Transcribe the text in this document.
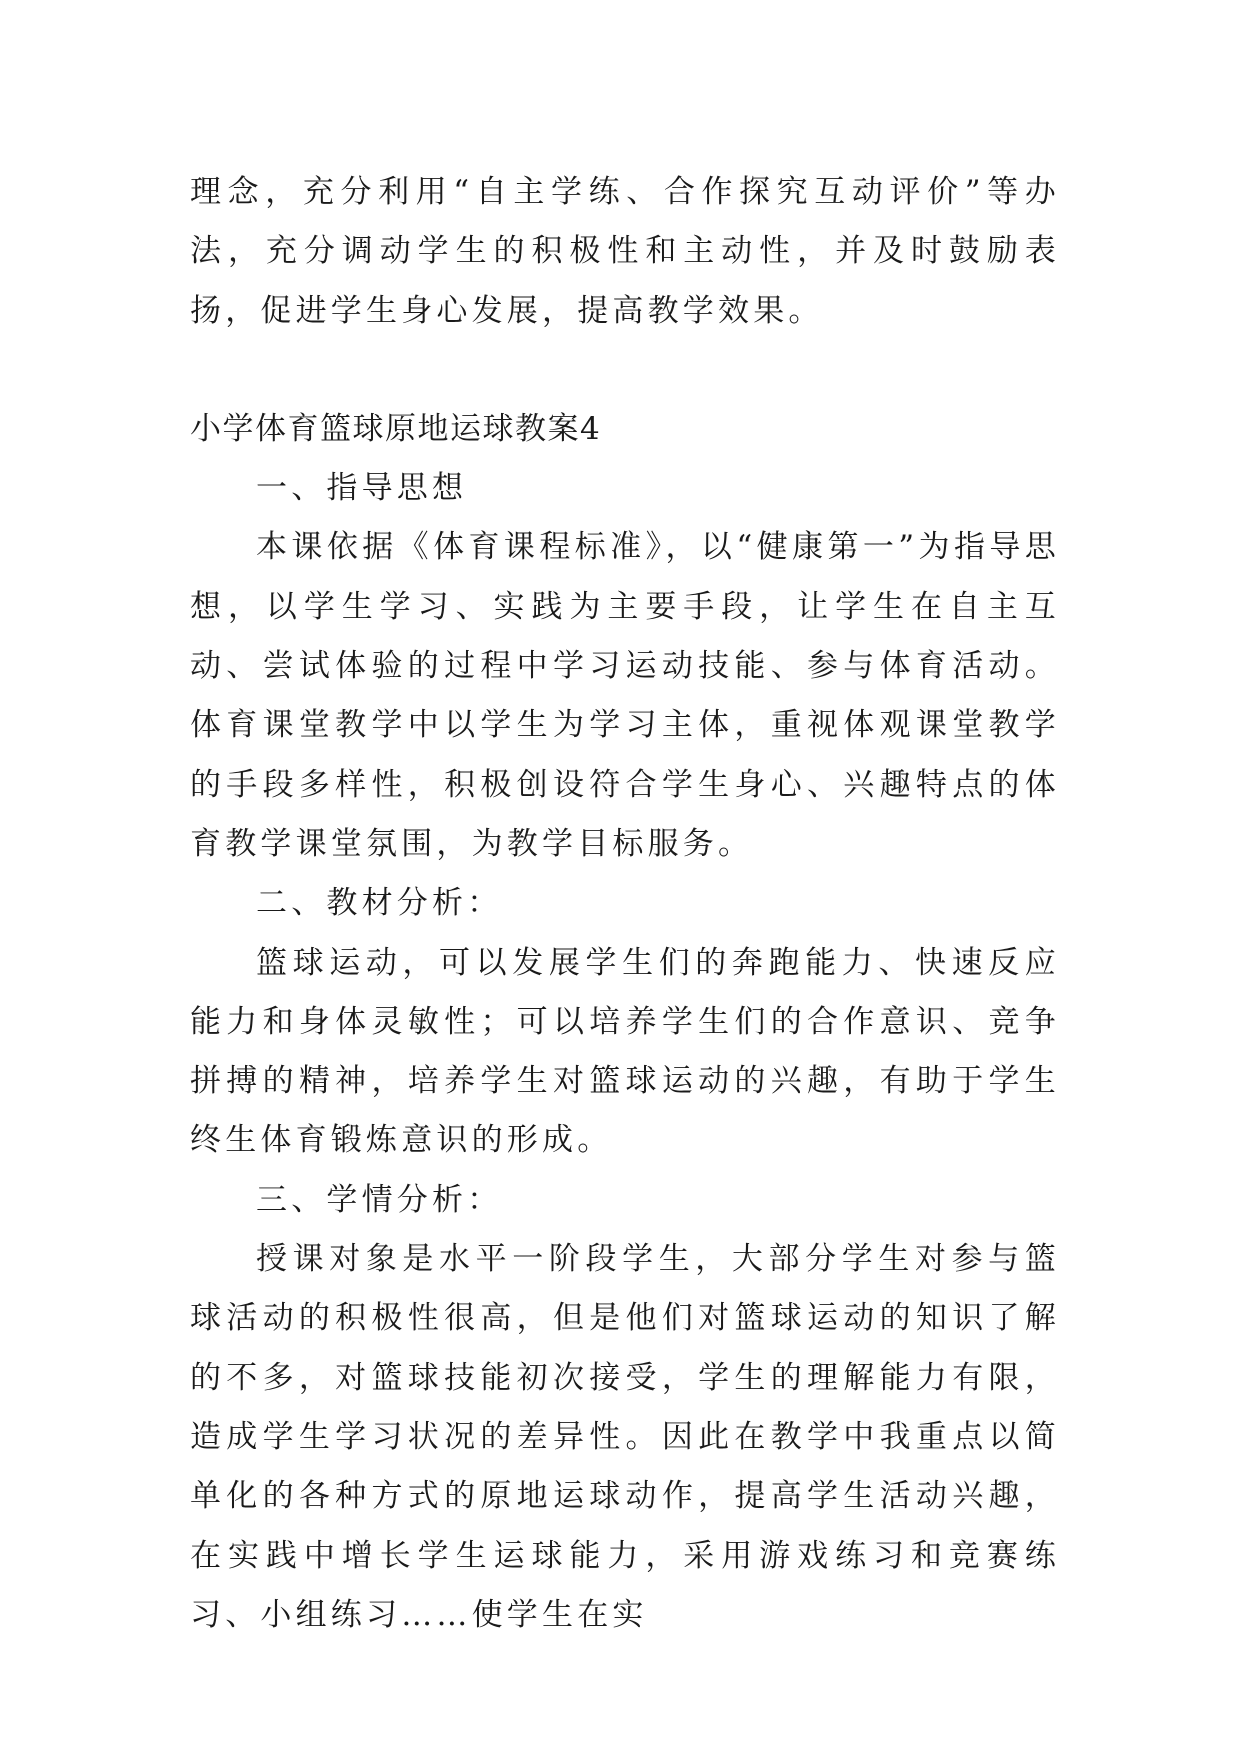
理念，充分利用“自主学练、合作探究互动评价”等办法，充分调动学生的积极性和主动性，并及时鼓励表扬，促进学生身心发展，提高教学效果。

小学体育篮球原地运球教案4

一、指导思想

本课依据《体育课程标准》，以“健康第一”为指导思想，以学生学习、实践为主要手段，让学生在自主互动、尝试体验的过程中学习运动技能、参与体育活动。体育课堂教学中以学生为学习主体，重视体观课堂教学的手段多样性，积极创设符合学生身心、兴趣特点的体育教学课堂氛围，为教学目标服务。

二、教材分析：

篮球运动，可以发展学生们的奔跑能力、快速反应能力和身体灵敏性；可以培养学生们的合作意识、竞争拼搏的精神，培养学生对篮球运动的兴趣，有助于学生终生体育锻炼意识的形成。

三、学情分析：

授课对象是水平一阶段学生，大部分学生对参与篮球活动的积极性很高，但是他们对篮球运动的知识了解的不多，对篮球技能初次接受，学生的理解能力有限，造成学生学习状况的差异性。因此在教学中我重点以简单化的各种方式的原地运球动作，提高学生活动兴趣，在实践中增长学生运球能力，采用游戏练习和竞赛练习、小组练习……使学生在实
